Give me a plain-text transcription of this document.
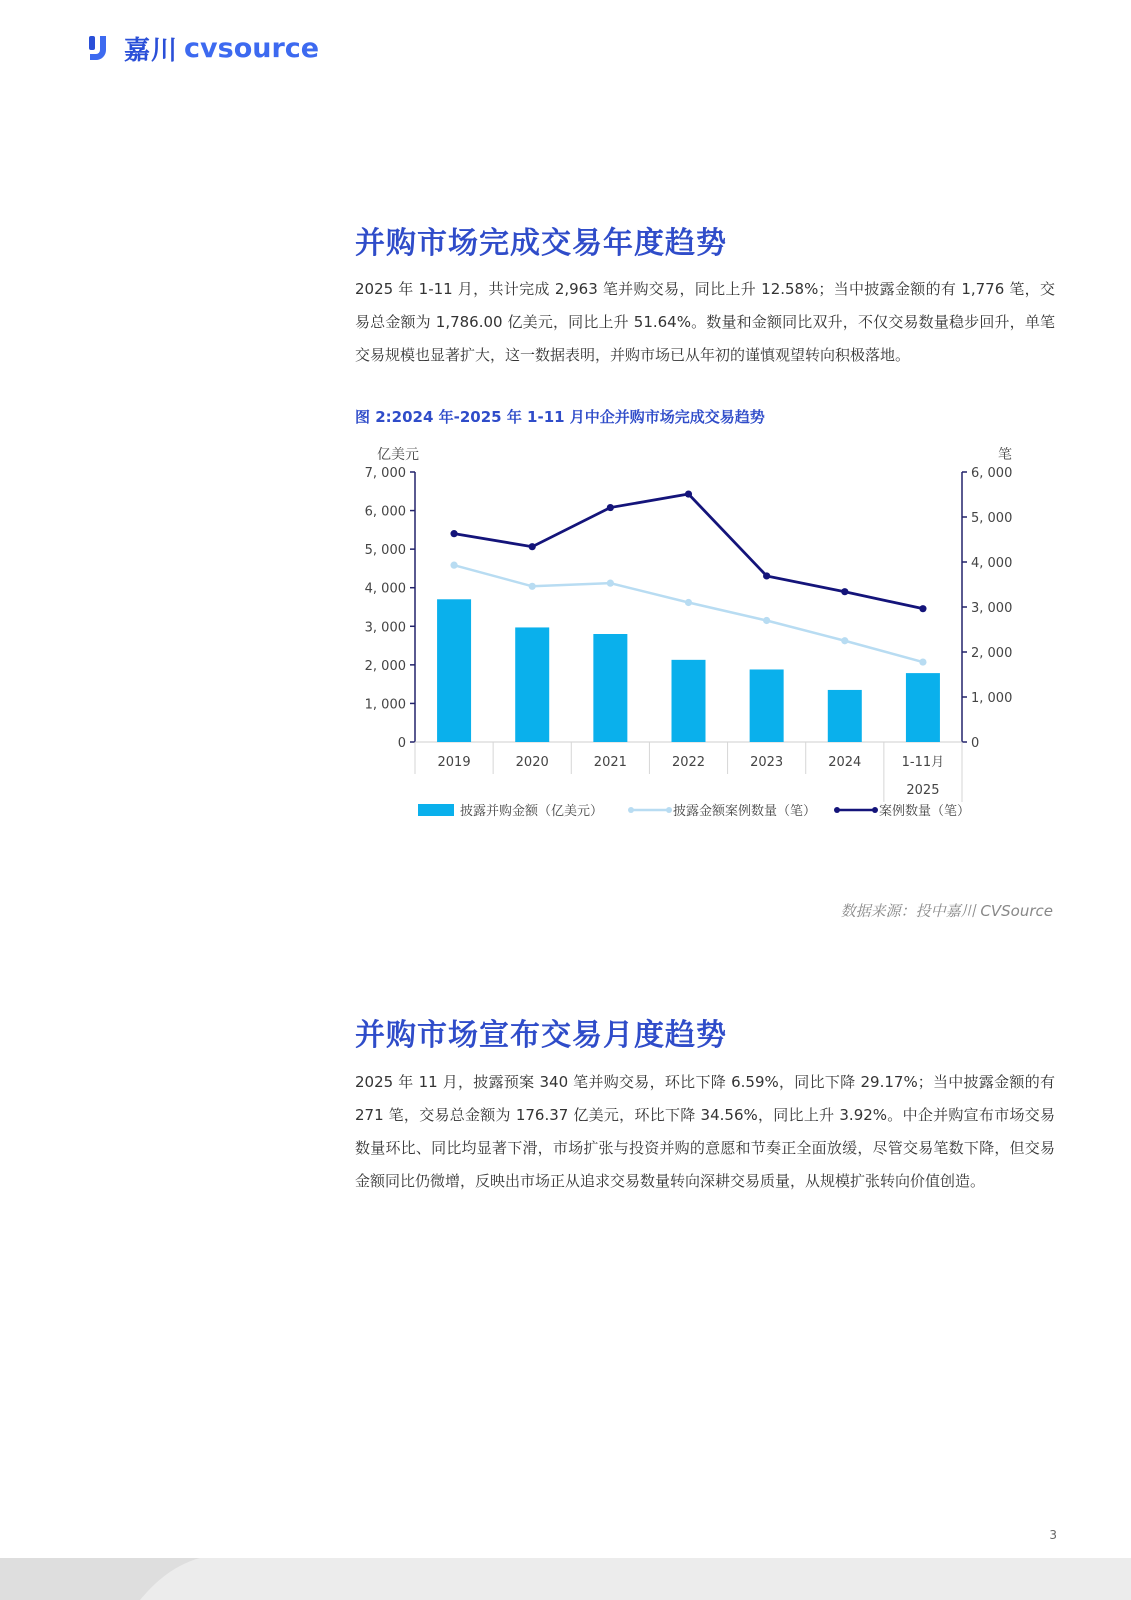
嘉川 cvsource
并购市场完成交易年度趋势

2025 年 1-11 月，共计完成 2,963 笔并购交易，同比上升 12.58%；当中披露金额的有 1,776 笔，交易总金额为 1,786.00 亿美元，同比上升 51.64%。数量和金额同比双升，不仅交易数量稳步回升，单笔交易规模也显著扩大，这一数据表明，并购市场已从年初的谨慎观望转向积极落地。

图 2:2024 年-2025 年 1-11 月中企并购市场完成交易趋势
亿美元	笔
0
1, 000
2, 000
3, 000
4, 000
5, 000
6, 000
7, 000
0
1, 000
2, 000
3, 000
4, 000
5, 000
6, 000
2019	2020	2021	2022	2023	2024	1-11月
2025
披露并购金额（亿美元）	披露金额案例数量（笔）	案例数量（笔）
数据来源：投中嘉川 CVSource
并购市场宣布交易月度趋势

2025 年 11 月，披露预案 340 笔并购交易，环比下降 6.59%，同比下降 29.17%；当中披露金额的有 271 笔，交易总金额为 176.37 亿美元，环比下降 34.56%，同比上升 3.92%。中企并购宣布市场交易数量环比、同比均显著下滑，市场扩张与投资并购的意愿和节奏正全面放缓，尽管交易笔数下降，但交易金额同比仍微增，反映出市场正从追求交易数量转向深耕交易质量，从规模扩张转向价值创造。

3
